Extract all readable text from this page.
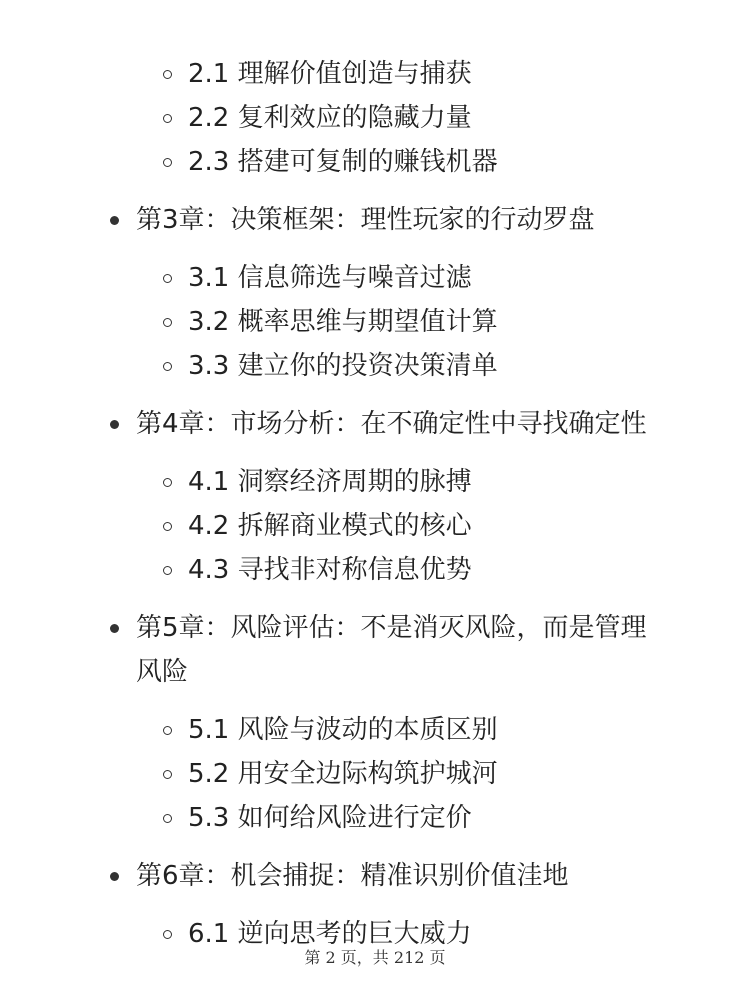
2.1 理解价值创造与捕获
2.2 复利效应的隐藏力量
2.3 搭建可复制的赚钱机器
第3章：决策框架：理性玩家的行动罗盘
3.1 信息筛选与噪音过滤
3.2 概率思维与期望值计算
3.3 建立你的投资决策清单
第4章：市场分析：在不确定性中寻找确定性
4.1 洞察经济周期的脉搏
4.2 拆解商业模式的核心
4.3 寻找非对称信息优势
第5章：风险评估：不是消灭风险，而是管理风险
5.1 风险与波动的本质区别
5.2 用安全边际构筑护城河
5.3 如何给风险进行定价
第6章：机会捕捉：精准识别价值洼地
6.1 逆向思考的巨大威力
第 2 页，共 212 页
